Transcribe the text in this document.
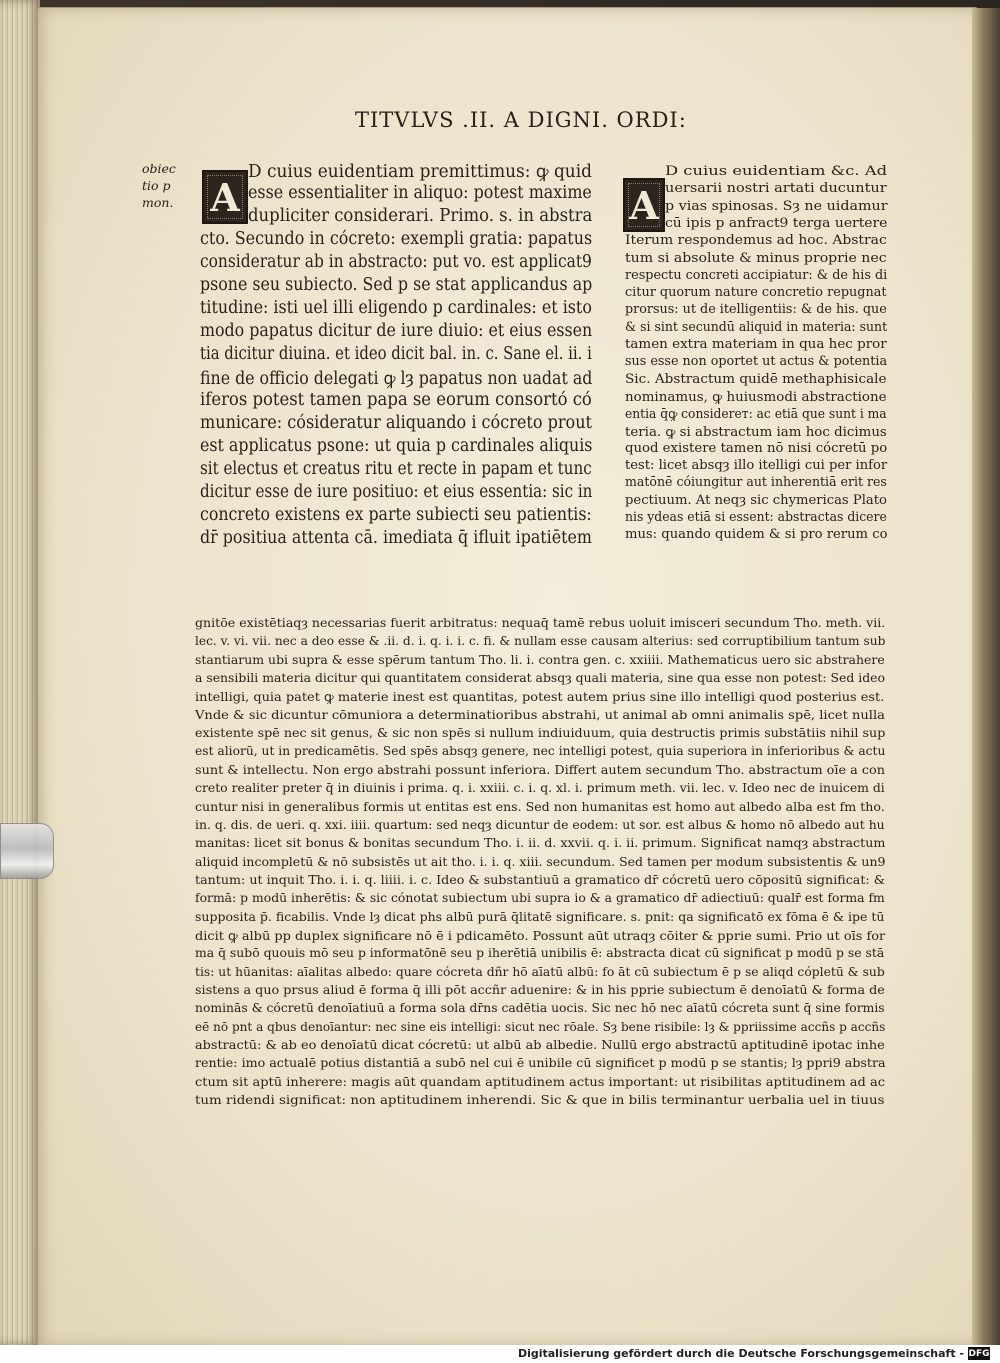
TITVLVS .II. A DIGNI. ORDI:
obiec
tio p
mon. A	A
D cuius euidentiam premittimus: ꝙ quid
esse essentialiter in aliquo: potest maxime
dupliciter considerari. Primo. s. in abstra
cto. Secundo in cócreto: exempli gratia: papatus
consideratur ab in abstracto: put vo. est applicat9
psone seu subiecto. Sed p se stat applicandus ap
titudine: isti uel illi eligendo p cardinales: et isto
modo papatus dicitur de iure diuio: et eius essen
tia dicitur diuina. et ideo dicit bal. in. c. Sane el. ii. i
fine de officio delegati ꝙ lȝ papatus non uadat ad
iferos potest tamen papa se eorum consortó có
municare: cósideratur aliquando i cócreto prout
est applicatus psone: ut quia p cardinales aliquis
sit electus et creatus ritu et recte in papam et tunc
dicitur esse de iure positiuo: et eius essentia: sic in
concreto existens ex parte subiecti seu patientis:
dr̄ positiua attenta cā. imediata q̄ ifluit ipatiētem
D cuius euidentiam &c. Ad
uersarii nostri artati ducuntur
p vias spinosas. Sȝ ne uidamur
cū ipis p anfract9 terga uertere
Iterum respondemus ad hoc. Abstrac
tum si absolute & minus proprie nec
respectu concreti accipiatur: & de his di
citur quorum nature concretio repugnat
prorsus: ut de itelligentiis: & de his. que
& si sint secundū aliquid in materia: sunt
tamen extra materiam in qua hec pror
sus esse non oportet ut actus & potentia
Sic. Abstractum quidē methaphisicale
nominamus, ꝙ huiusmodi abstractione
entia q̄ꝙ considerет: ac etiā que sunt i ma
teria. ꝙ si abstractum iam hoc dicimus
quod existere tamen nō nisi cócretū po
test: licet absqȝ illo itelligi cui per infor
matōnē cóiungitur aut inherentiā erit res
pectiuum. At neqȝ sic chymericas Plato
nis ydeas etiā si essent: abstractas dicere
mus: quando quidem & si pro rerum co
gnitōe existētiaqȝ necessarias fuerit arbitratus: nequaq̄ tamē rebus uoluit imisceri secundum Tho. meth. vii.
lec. v. vi. vii. nec a deo esse & .ii. d. i. q. i. i. c. fi. & nullam esse causam alterius: sed corruptibilium tantum sub
stantiarum ubi supra & esse spērum tantum Tho. li. i. contra gen. c. xxiiii. Mathematicus uero sic abstrahere
a sensibili materia dicitur qui quantitatem considerat absqȝ quali materia, sine qua esse non potest: Sed ideo
intelligi, quia patet ꝙ materie inest est quantitas, potest autem prius sine illo intelligi quod posterius est.
Vnde & sic dicuntur cōmuniora a determinatioribus abstrahi, ut animal ab omni animalis spē, licet nulla
existente spē nec sit genus, & sic non spēs si nullum indiuiduum, quia destructis primis substātiis nihil sup
est aliorū, ut in predicamētis. Sed spēs absqȝ genere, nec intelligi potest, quia superiora in inferioribus & actu
sunt & intellectu. Non ergo abstrahi possunt inferiora. Differt autem secundum Tho. abstractum oīe a con
creto realiter preter q̄ in diuinis i prima. q. i. xxiii. c. i. q. xl. i. primum meth. vii. lec. v. Ideo nec de inuicem di
cuntur nisi in generalibus formis ut entitas est ens. Sed non humanitas est homo aut albedo alba est fm tho.
in. q. dis. de ueri. q. xxi. iiii. quartum: sed neqȝ dicuntur de eodem: ut sor. est albus & homo nō albedo aut hu
manitas: licet sit bonus & bonitas secundum Tho. i. ii. d. xxvii. q. i. ii. primum. Significat namqȝ abstractum
aliquid incompletū & nō subsistēs ut ait tho. i. i. q. xiii. secundum. Sed tamen per modum subsistentis & un9
tantum: ut inquit Tho. i. i. q. liiii. i. c. Ideo & substantiuū a gramatico dr̄ cócretū uero cōpositū significat: &
formā: p modū inherētis: & sic cónotat subiectum ubi supra io & a gramatico dr̄ adiectiuū: qualr̄ est forma fm
supposita p̄. ficabilis. Vnde lȝ dicat phs albū purā q̄litatē significare. s. pnit: qa significatō ex fōma ē & ipe tū
dicit ꝙ albū pp duplex significare nō ē i pdicamēto. Possunt aūt utraqȝ cōiter & pprie sumi. Prio ut oīs for
ma q̄ subō quouis mō seu p informatōnē seu p iherētiā unibilis ē: abstracta dicat cū significat p modū p se stā
tis: ut hūanitas: aīalitas albedo: quare cócreta dñr hō aīatū albū: fo āt cū subiectum ē p se aliqd cópletū & sub
sistens a quo prsus aliud ē forma q̄ illi pōt accñr aduenire: & in his pprie subiectum ē denoīatū & forma de
nominās & cócretū denoīatiuū a forma sola dr̄ns cadētia uocis. Sic nec hō nec aīatū cócreta sunt q̄ sine formis
eē nō pnt a qbus denoīantur: nec sine eis intelligi: sicut nec rōale. Sȝ bene risibile: lȝ & ppriissime accñs p accñs
abstractū: & ab eo denoīatū dicat cócretū: ut albū ab albedie. Nullū ergo abstractū aptitudinē ipotac inhe
rentie: imo actualē potius distantiā a subō nel cui ē unibile cū significet p modū p se stantis; lȝ ppri9 abstra
ctum sit aptū inherere: magis aūt quandam aptitudinem actus important: ut risibilitas aptitudinem ad ac
tum ridendi significat: non aptitudinem inherendi. Sic & que in bilis terminantur uerbalia uel in tiuus
Digitalisierung gefördert durch die Deutsche Forschungsgemeinschaft - DFG
